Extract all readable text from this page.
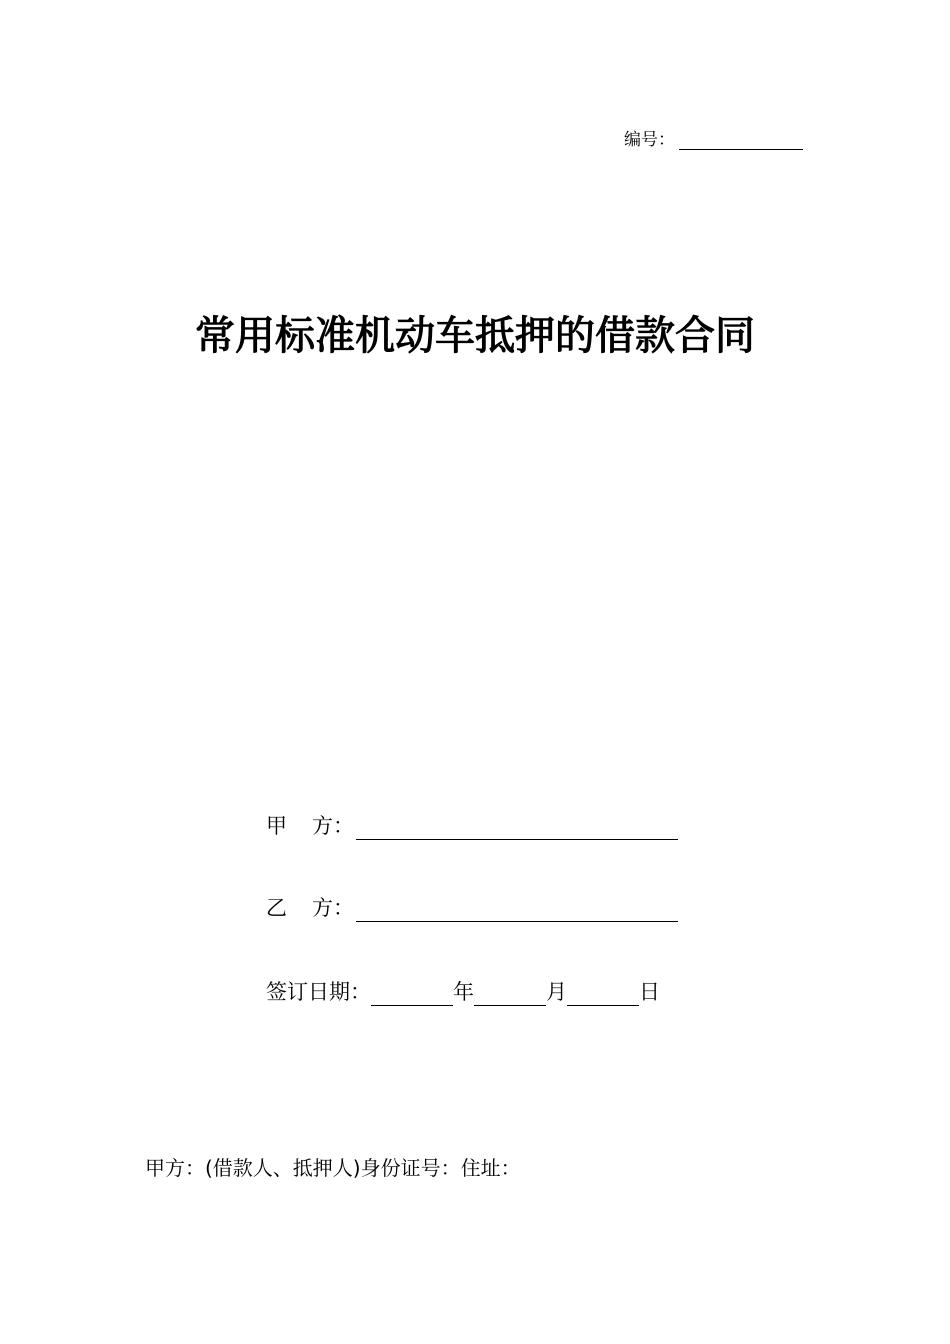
编号：
常用标准机动车抵押的借款合同
甲	方：
乙	方：
签订日期：	年	月	日
甲方：(借款人、抵押人)身份证号：住址：
